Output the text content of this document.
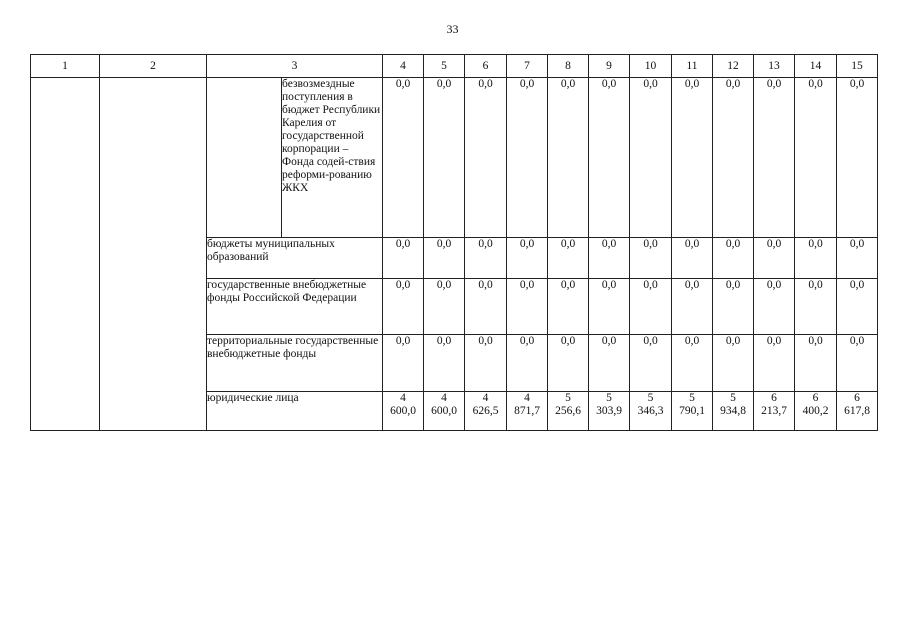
33
1	2	3		4	5	6	7	8	9	10	11	12	13	14	15
			безвозмездные поступления в бюджет Республики Карелия от государственной корпорации – Фонда содей-ствия реформи-рованию ЖКХ	0,0	0,0	0,0	0,0	0,0	0,0	0,0	0,0	0,0	0,0	0,0	0,0
		бюджеты муниципальных образований		0,0	0,0	0,0	0,0	0,0	0,0	0,0	0,0	0,0	0,0	0,0	0,0
		государственные внебюджетные фонды Российской Федерации		0,0	0,0	0,0	0,0	0,0	0,0	0,0	0,0	0,0	0,0	0,0	0,0
		территориальные государственные внебюджетные фонды		0,0	0,0	0,0	0,0	0,0	0,0	0,0	0,0	0,0	0,0	0,0	0,0
		юридические лица		4
600,0	4
600,0	4
626,5	4
871,7	5
256,6	5
303,9	5
346,3	5
790,1	5
934,8	6
213,7	6
400,2	6
617,8
